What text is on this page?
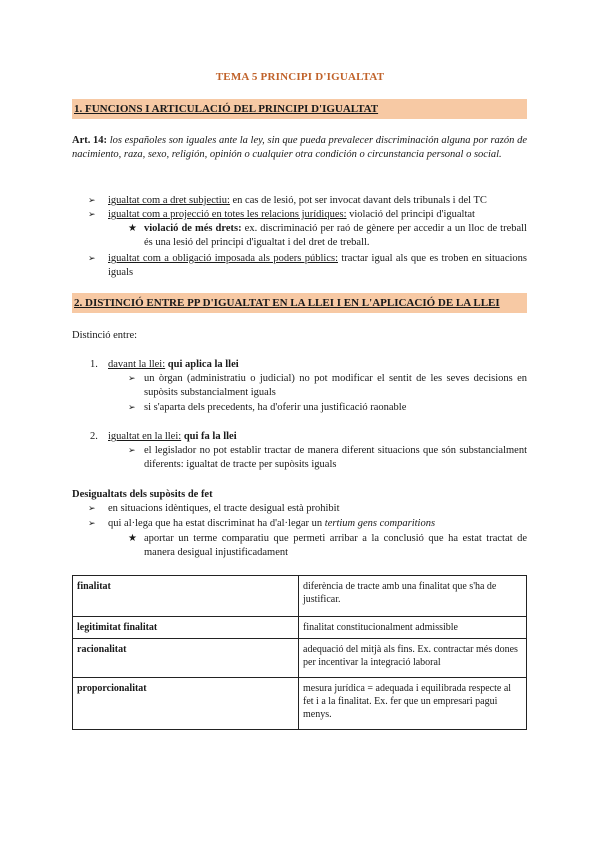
TEMA 5 PRINCIPI D'IGUALTAT
1. FUNCIONS I ARTICULACIÓ DEL PRINCIPI D'IGUALTAT
Art. 14: los españoles son iguales ante la ley, sin que pueda prevalecer discriminación alguna por razón de nacimiento, raza, sexo, religión, opinión o cualquier otra condición o circunstancia personal o social.
➢	igualtat com a dret subjectiu: en cas de lesió, pot ser invocat davant dels tribunals i del TC
➢	igualtat com a projecció en totes les relacions jurídiques: violació del principi d'igualtat
★ violació de més drets: ex. discriminació per raó de gènere per accedir a un lloc de treball és una lesió del principi d'igualtat i del dret de treball.
➢	igualtat com a obligació imposada als poders públics: tractar igual als que es troben en situacions iguals
2. DISTINCIÓ ENTRE PP D'IGUALTAT EN LA LLEI I EN L'APLICACIÓ DE LA LLEI
Distinció entre:
1. davant la llei: qui aplica la llei
➢ un òrgan (administratiu o judicial) no pot modificar el sentit de les seves decisions en supòsits substancialment iguals
➢ si s'aparta dels precedents, ha d'oferir una justificació raonable
2. igualtat en la llei: qui fa la llei
➢ el legislador no pot establir tractar de manera diferent situacions que són substancialment diferents: igualtat de tracte per supòsits iguals
Desigualtats dels supòsits de fet
➢	en situacions idèntiques, el tracte desigual està prohibit
➢	qui al·lega que ha estat discriminat ha d'al·legar un tertium gens comparitions
★ aportar un terme comparatiu que permeti arribar a la conclusió que ha estat tractat de manera desigual injustificadament
finalitat	diferència de tracte amb una finalitat que s'ha de justificar.
legitimitat finalitat	finalitat constitucionalment admissible
racionalitat	adequació del mitjà als fins. Ex. contractar més dones per incentivar la integració laboral
proporcionalitat	mesura jurídica = adequada i equilibrada respecte al fet i a la finalitat. Ex. fer que un empresari pagui menys.
